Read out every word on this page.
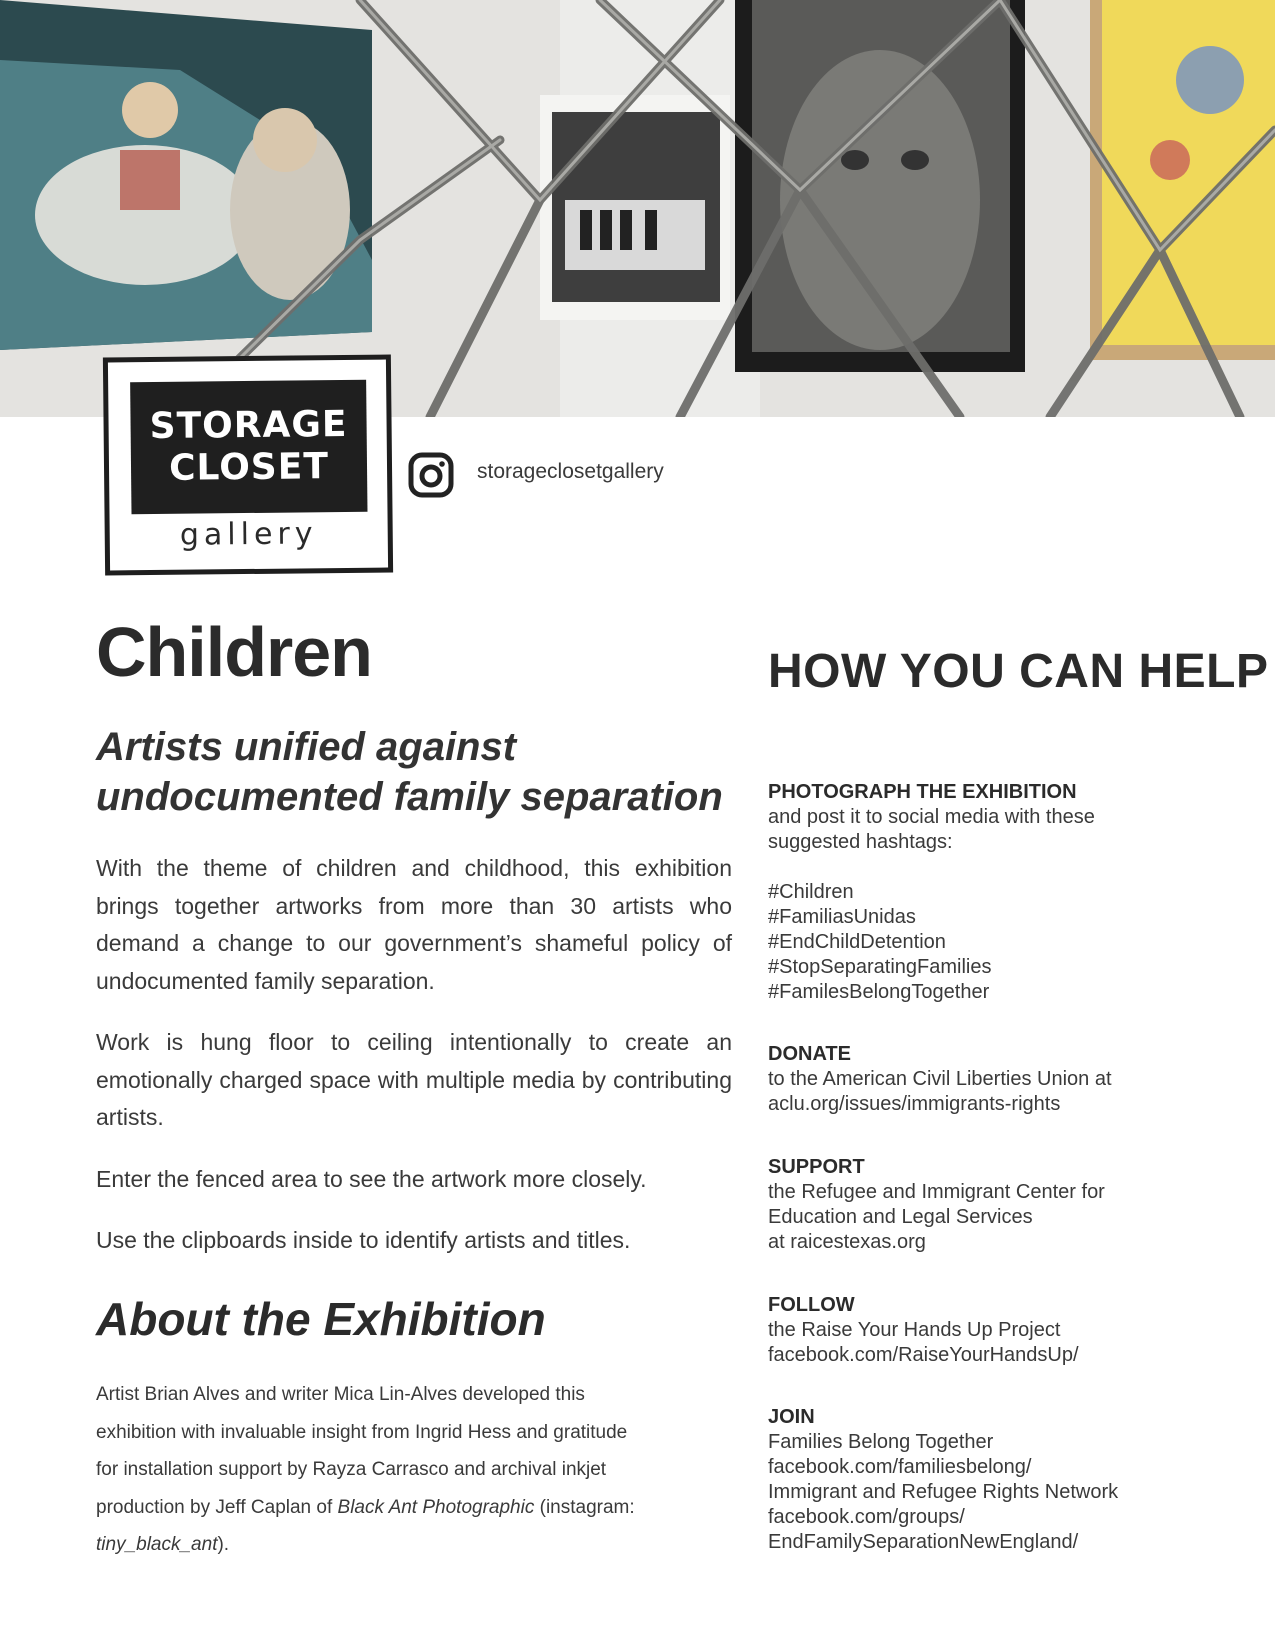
STORAGE
CLOSET
gallery
storageclosetgallery
Children
Artists unified against undocumented family separation

With the theme of children and childhood, this exhibition brings together artworks from more than 30 artists who demand a change to our government’s shameful policy of undocumented family separation.

Work is hung floor to ceiling intentionally to create an emotionally charged space with multiple media by contributing artists.

Enter the fenced area to see the artwork more closely.

Use the clipboards inside to identify artists and titles.

About the Exhibition

Artist Brian Alves and writer Mica Lin-Alves developed this exhibition with invaluable insight from Ingrid Hess and gratitude for installation support by Rayza Carrasco and archival inkjet production by Jeff Caplan of Black Ant Photographic (instagram: tiny_black_ant).

HOW YOU CAN HELP
PHOTOGRAPH THE EXHIBITION
and post it to social media with these
suggested hashtags:
#Children
#FamiliasUnidas
#EndChildDetention
#StopSeparatingFamilies
#FamilesBelongTogether
DONATE
to the American Civil Liberties Union at
aclu.org/issues/immigrants-rights
SUPPORT
the Refugee and Immigrant Center for
Education and Legal Services
at raicestexas.org
FOLLOW
the Raise Your Hands Up Project
facebook.com/RaiseYourHandsUp/
JOIN
Families Belong Together
facebook.com/familiesbelong/
Immigrant and Refugee Rights Network
facebook.com/groups/
EndFamilySeparationNewEngland/
